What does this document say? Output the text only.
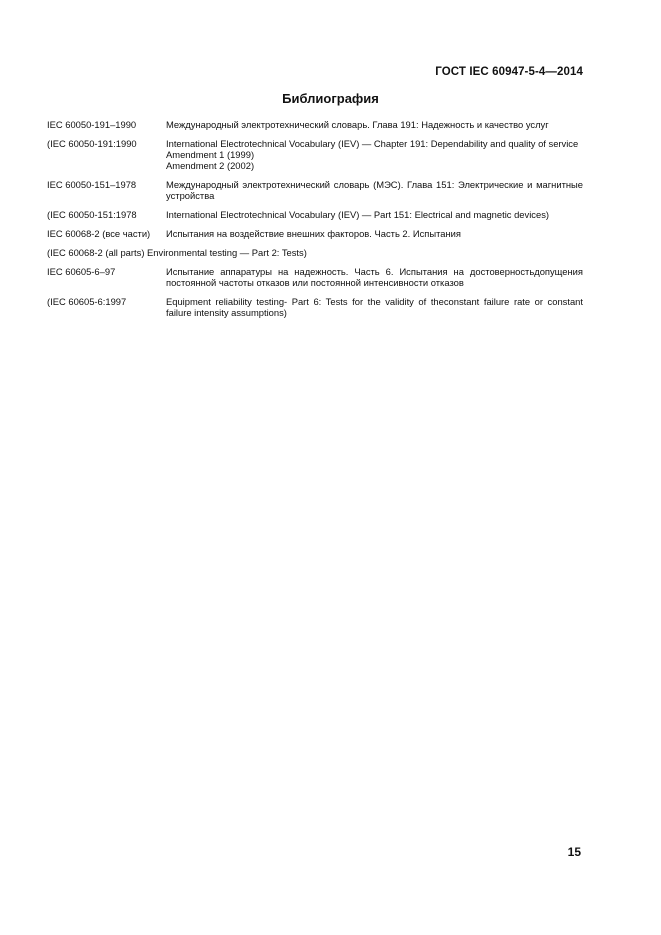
ГОСТ IEC 60947-5-4—2014
Библиография
IEC 60050-191–1990	Международный электротехнический словарь. Глава 191: Надежность и качество услуг
(IEC 60050-191:1990	International Electrotechnical Vocabulary (IEV) — Chapter 191: Dependability and quality of service
Amendment 1 (1999)
Amendment 2 (2002)
IEC 60050-151–1978	Международный электротехнический словарь (МЭС). Глава 151: Электрические и магнитные устройства
(IEC 60050-151:1978	International Electrotechnical Vocabulary (IEV) — Part 151: Electrical and magnetic devices)
IEC 60068-2 (все части)	Испытания на воздействие внешних факторов. Часть 2. Испытания
(IEC 60068-2 (all parts) Environmental testing — Part 2: Tests)
IEC 60605-6–97	Испытание аппаратуры на надежность. Часть 6. Испытания на достоверностьдопущения постоянной частоты отказов или постоянной интенсивности отказов
(IEC 60605-6:1997	Equipment reliability testing- Part 6: Tests for the validity of theconstant failure rate or constant failure intensity assumptions)
15
